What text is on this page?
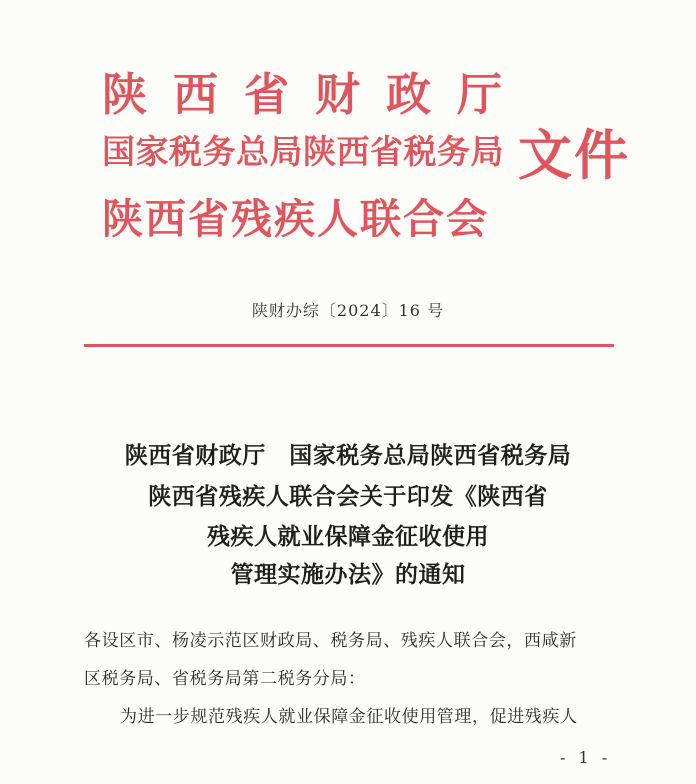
陕西省财政厅
国家税务总局陕西省税务局
陕西省残疾人联合会
文件
陕财办综〔2024〕16 号
陕西省财政厅　国家税务总局陕西省税务局
陕西省残疾人联合会关于印发《陕西省
残疾人就业保障金征收使用
管理实施办法》的通知
各设区市、杨凌示范区财政局、税务局、残疾人联合会，西咸新
区税务局、省税务局第二税务分局：
为进一步规范残疾人就业保障金征收使用管理，促进残疾人
- 1 -
